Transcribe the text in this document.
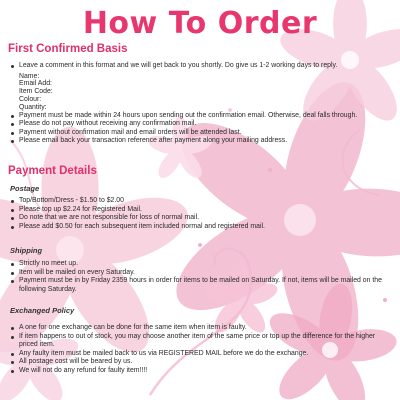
How To Order
First Confirmed Basis
Leave a comment in this format and we will get back to you shortly. Do give us 1-2 working days to reply.
Name:
Email Add:
Item Code:
Colour:
Quantity:
Payment must be made within 24 hours upon sending out the confirmation email. Otherwise, deal falls through.
Please do not pay without receiving any confirmation mail.
Payment without confirmation mail and email orders will be attended last.
Please email back your transaction reference after payment along your mailing address.
Payment Details
Postage
Top/Bottom/Dress - $1.50 to $2.00
Please top up $2.24 for Registered Mail.
Do note that we are not responsible for loss of normal mail.
Please add $0.50 for each subsequent item included normal and registered mail.
Shipping
Strictly no meet up.
Item will be mailed on every Saturday.
Payment must be in by Friday 2359 hours in order for items to be mailed on Saturday. If not, items will be mailed on the following Saturday.
Exchanged Policy
A one for one exchange can be done for the same item when item is faulty.
If item happens to out of stock, you may choose another item of the same price or top up the difference for the higher priced item.
Any faulty item must be mailed back to us via REGISTERED MAIL before we do the exchange.
All postage cost will be beared by us.
We will not do any refund for faulty item!!!!
